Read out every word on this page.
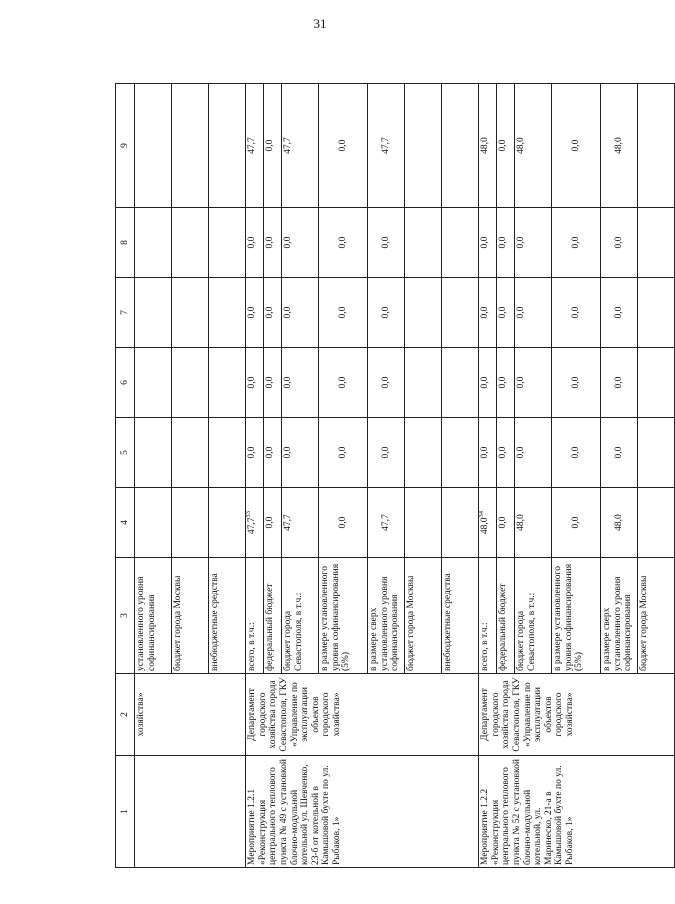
31
1	2	3	4	5	6	7	8	9
	хозяйства»	установленного уровня софинансирования						
		бюджет города Москвы						
		внебюджетные средства						
Мероприятие 1.2.1 «Реконструкция центрального теплового пункта № 49 с установкой блочно-модульной котельной ул. Шевченко, 23-б от котельной в Камышовой бухте по ул. Рыбаков, 1»	Департамент городского хозяйства города Севастополя, ГКУ «Управление по эксплуатации объектов городского хозяйства»	всего, в т.ч.:	47,7$^{33}$	0,0	0,0	0,0	0,0	47,7
		федеральный бюджет	0,0	0,0	0,0	0,0	0,0	0,0
		бюджет города Севастополя, в т.ч.:	47,7	0,0	0,0	0,0	0,0	47,7
		в размере установленного уровня софинансирования (5%)	0,0	0,0	0,0	0,0	0,0	0,0
		в размере сверх установленного уровня софинансирования	47,7	0,0	0,0	0,0	0,0	47,7
		бюджет города Москвы						
		внебюджетные средства						
Мероприятие 1.2.2 «Реконструкция центрального теплового пункта № 52 с установкой блочно-модульной котельной, ул. Маринеско, 21-а в Камышовой бухте по ул. Рыбаков, 1»	Департамент городского хозяйства города Севастополя, ГКУ «Управление по эксплуатации объектов городского хозяйства»	всего, в т.ч.:	48,0$^{34}$	0,0	0,0	0,0	0,0	48,0
		федеральный бюджет	0,0	0,0	0,0	0,0	0,0	0,0
		бюджет города Севастополя, в т.ч.:	48,0	0,0	0,0	0,0	0,0	48,0
		в размере установленного уровня софинансирования (5%)	0,0	0,0	0,0	0,0	0,0	0,0
		в размере сверх установленного уровня софинансирования	48,0	0,0	0,0	0,0	0,0	48,0
		бюджет города Москвы						
